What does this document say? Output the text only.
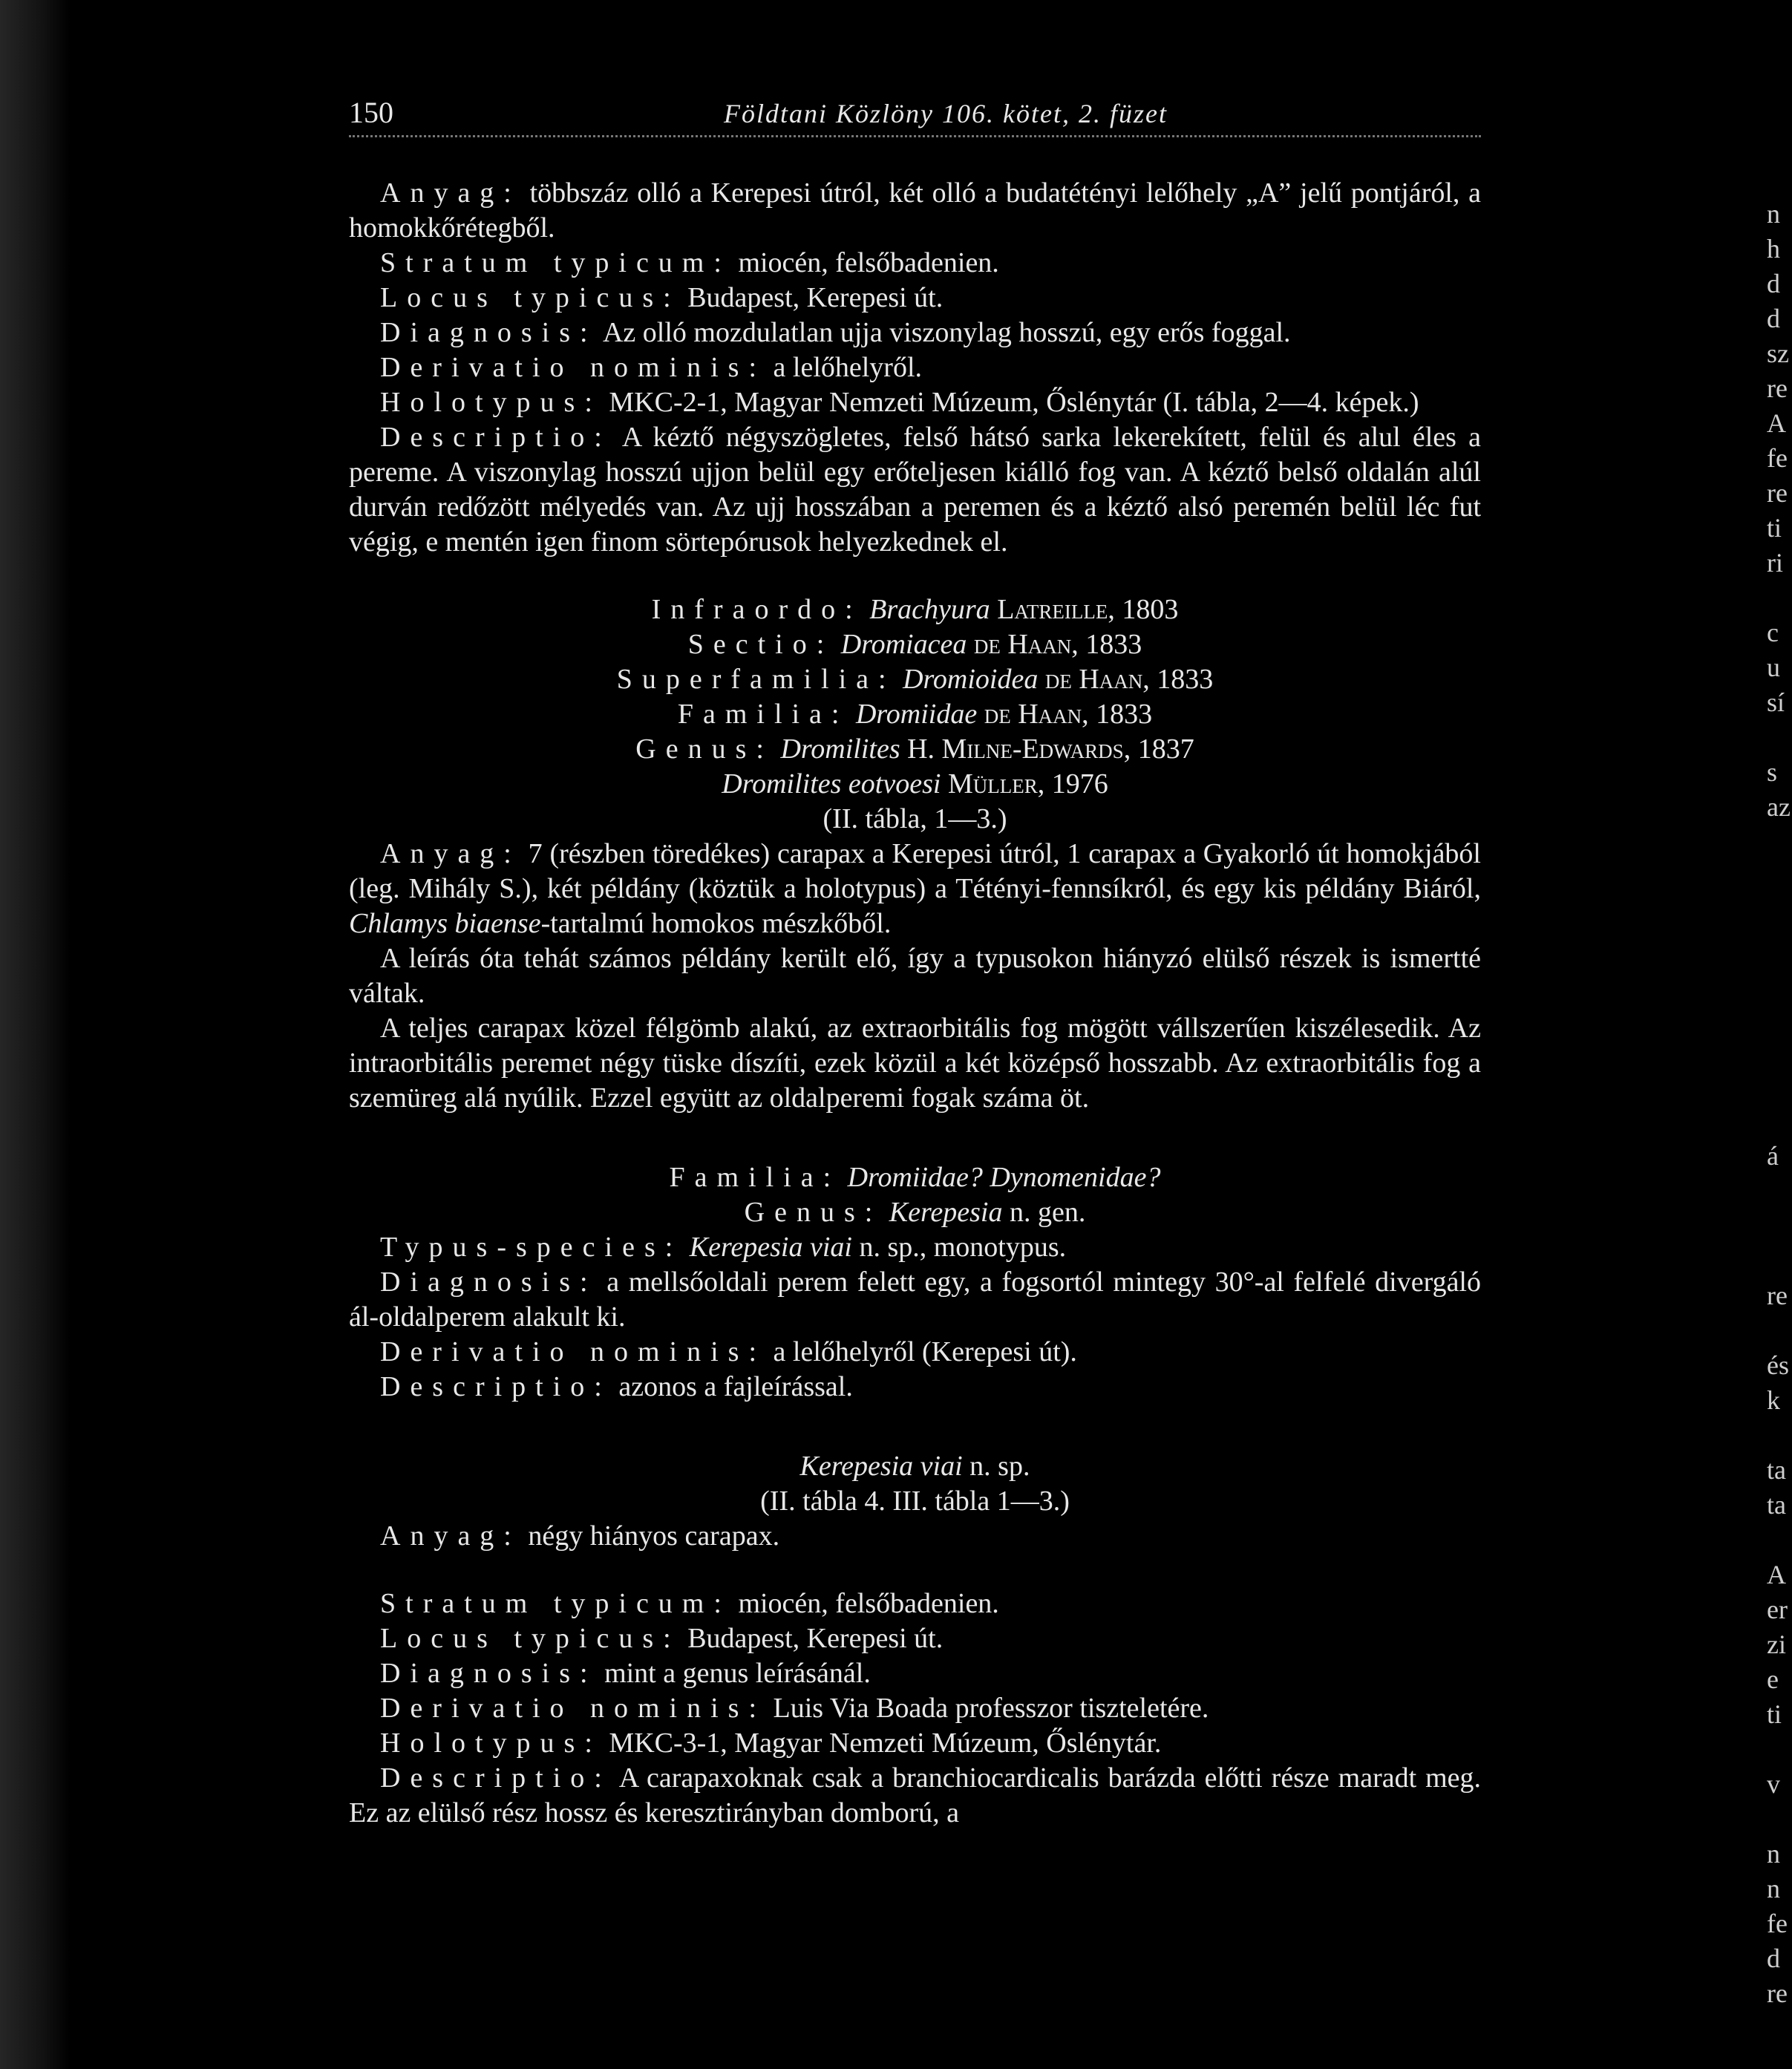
150	Földtani Közlöny 106. kötet, 2. füzet

Anyag: többszáz olló a Kerepesi útról, két olló a budatétényi lelőhely „A” jelű pontjáról, a homokkőrétegből.

Stratum typicum: miocén, felsőbadenien.

Locus typicus: Budapest, Kerepesi út.

Diagnosis: Az olló mozdulatlan ujja viszonylag hosszú, egy erős foggal.

Derivatio nominis: a lelőhelyről.

Holotypus: MKC-2-1, Magyar Nemzeti Múzeum, Őslénytár (I. tábla, 2—4. képek.)

Descriptio: A kéztő négyszögletes, felső hátsó sarka lekerekített, felül és alul éles a pereme. A viszonylag hosszú ujjon belül egy erőteljesen kiálló fog van. A kéztő belső oldalán alúl durván redőzött mélyedés van. Az ujj hosszában a peremen és a kéztő alsó peremén belül léc fut végig, e mentén igen finom sörtepórusok helyezkednek el.

Infraordo: Brachyura Latreille, 1803

Sectio: Dromiacea de Haan, 1833

Superfamilia: Dromioidea de Haan, 1833

Familia: Dromiidae de Haan, 1833

Genus: Dromilites H. Milne-Edwards, 1837

Dromilites eotvoesi Müller, 1976

(II. tábla, 1—3.)

Anyag: 7 (részben töredékes) carapax a Kerepesi útról, 1 carapax a Gyakorló út homokjából (leg. Mihály S.), két példány (köztük a holotypus) a Tétényi-fennsíkról, és egy kis példány Biáról, Chlamys biaense-tartalmú homokos mészkőből.

A leírás óta tehát számos példány került elő, így a typusokon hiányzó elülső részek is ismertté váltak.

A teljes carapax közel félgömb alakú, az extraorbitális fog mögött vállszerűen kiszélesedik. Az intraorbitális peremet négy tüske díszíti, ezek közül a két középső hosszabb. Az extraorbitális fog a szemüreg alá nyúlik. Ezzel együtt az oldalperemi fogak száma öt.

Familia: Dromiidae? Dynomenidae?

Genus: Kerepesia n. gen.

Typus-species: Kerepesia viai n. sp., monotypus.

Diagnosis: a mellsőoldali perem felett egy, a fogsortól mintegy 30°-al felfelé divergáló ál-oldalperem alakult ki.

Derivatio nominis: a lelőhelyről (Kerepesi út).

Descriptio: azonos a fajleírással.

Kerepesia viai n. sp.

(II. tábla 4. III. tábla 1—3.)

Anyag: négy hiányos carapax.

Stratum typicum: miocén, felsőbadenien.

Locus typicus: Budapest, Kerepesi út.

Diagnosis: mint a genus leírásánál.

Derivatio nominis: Luis Via Boada professzor tiszteletére.

Holotypus: MKC-3-1, Magyar Nemzeti Múzeum, Őslénytár.

Descriptio: A carapaxoknak csak a branchiocardicalis barázda előtti része maradt meg. Ez az elülső rész hossz és keresztirányban domború, a

n
h
d
d
sz
re
A
fe
re
ti
ri
c
u
sí
s
az
á
re
és
k
ta
ta
A
er
zi
e
ti
v
n
n
fe
d
re
